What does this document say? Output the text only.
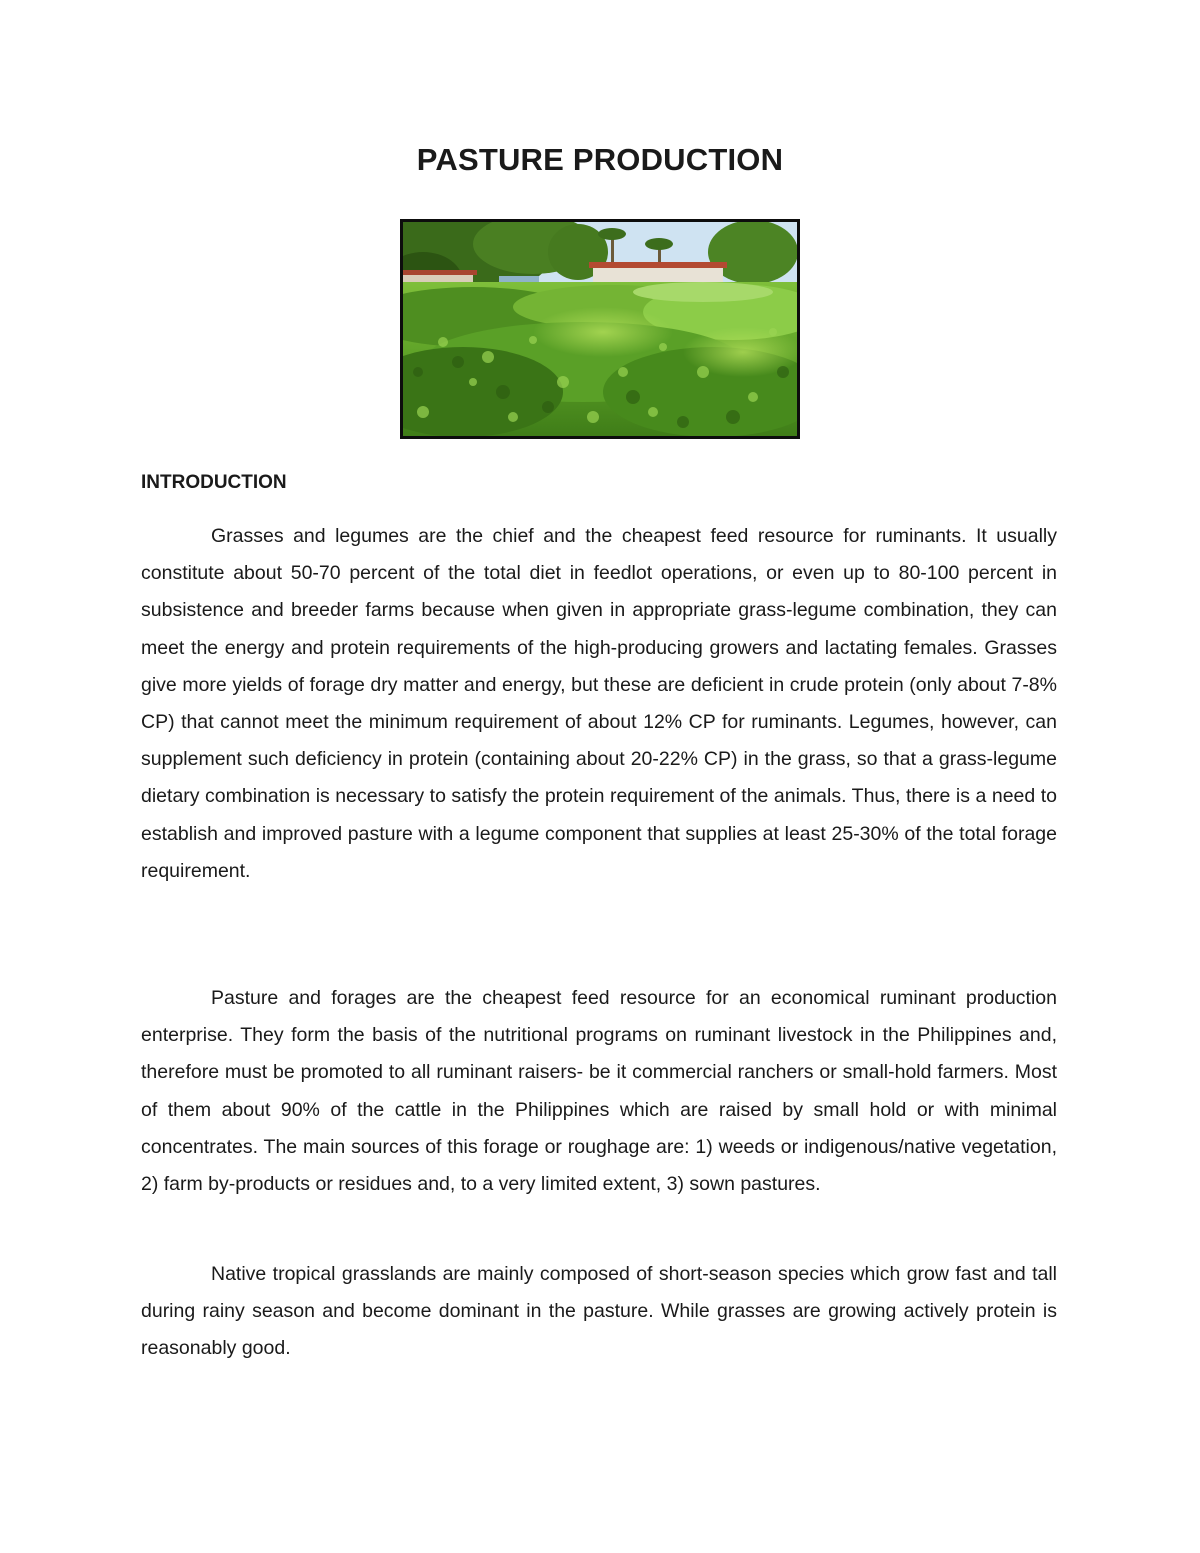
PASTURE PRODUCTION
INTRODUCTION

Grasses and legumes are the chief and the cheapest feed resource for ruminants. It usually constitute about 50-70 percent of the total diet in feedlot operations, or even up to 80-100 percent in subsistence and breeder farms because when given in appropriate grass-legume combination, they can meet the energy and protein requirements of the high-producing growers and lactating females. Grasses give more yields of forage dry matter and energy, but these are deficient in crude protein (only about 7-8% CP) that cannot meet the minimum requirement of about 12% CP for ruminants. Legumes, however, can supplement such deficiency in protein (containing about 20-22% CP) in the grass, so that a grass-legume dietary combination is necessary to satisfy the protein requirement of the animals. Thus, there is a need to establish and improved pasture with a legume component that supplies at least 25-30% of the total forage requirement.

Pasture and forages are the cheapest feed resource for an economical ruminant production enterprise. They form the basis of the nutritional programs on ruminant livestock in the Philippines and, therefore must be promoted to all ruminant raisers- be it commercial ranchers or small-hold farmers. Most of them about 90% of the cattle in the Philippines which are raised by small hold or with minimal concentrates. The main sources of this forage or roughage are: 1) weeds or indigenous/native vegetation, 2) farm by-products or residues and, to a very limited extent, 3) sown pastures.

Native tropical grasslands are mainly composed of short-season species which grow fast and tall during rainy season and become dominant in the pasture. While grasses are growing actively protein is reasonably good.
